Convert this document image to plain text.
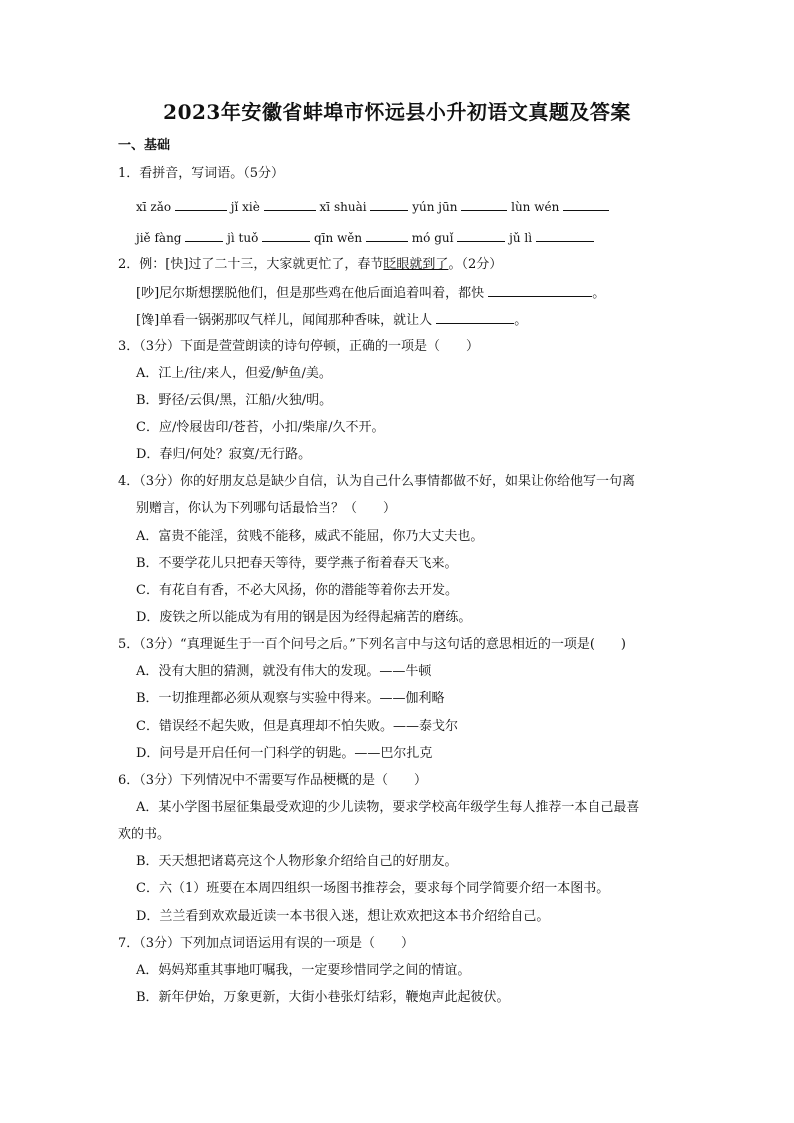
2023年安徽省蚌埠市怀远县小升初语文真题及答案
一、基础
1．看拼音，写词语。（5分）
xī zǎo	jǐ xiè	xī shuài	yún jūn	lùn wén
jiě fàng	jì tuǒ	qīn wěn	mó guǐ	jǔ lì
2．例：[快]过了二十三，大家就更忙了，春节眨眼就到了。（2分）
[吵]尼尔斯想摆脱他们，但是那些鸡在他后面追着叫着，都快	。
[馋]单看一锅粥那叹气样儿，闻闻那种香味，就让人	。
3．（3分）下面是萱萱朗读的诗句停顿，正确的一项是（　　）
A．江上/往/来人，但爱/鲈鱼/美。
B．野径/云俱/黑，江船/火独/明。
C．应/怜屐齿印/苍苔，小扣/柴扉/久不开。
D．春归/何处？寂寞/无行路。
4．（3分）你的好朋友总是缺少自信，认为自己什么事情都做不好，如果让你给他写一句离
别赠言，你认为下列哪句话最恰当？（　　）
A．富贵不能淫，贫贱不能移，威武不能屈，你乃大丈夫也。
B．不要学花儿只把春天等待，要学燕子衔着春天飞来。
C．有花自有香，不必大风扬，你的潜能等着你去开发。
D．废铁之所以能成为有用的钢是因为经得起痛苦的磨练。
5．（3分）“真理诞生于一百个问号之后。”下列名言中与这句话的意思相近的一项是(　　)
A．没有大胆的猜测，就没有伟大的发现。——牛顿
B．一切推理都必须从观察与实验中得来。——伽利略
C．错误经不起失败，但是真理却不怕失败。——泰戈尔
D．问号是开启任何一门科学的钥匙。——巴尔扎克
6．（3分）下列情况中不需要写作品梗概的是（　　）
A．某小学图书屋征集最受欢迎的少儿读物，要求学校高年级学生每人推荐一本自己最喜
欢的书。
B．天天想把诸葛亮这个人物形象介绍给自己的好朋友。
C．六（1）班要在本周四组织一场图书推荐会，要求每个同学简要介绍一本图书。
D．兰兰看到欢欢最近读一本书很入迷，想让欢欢把这本书介绍给自己。
7．（3分）下列加点词语运用有误的一项是（　　）
A．妈妈郑重其事地叮嘱我，一定要珍惜同学之间的情谊。
B．新年伊始，万象更新，大街小巷张灯结彩，鞭炮声此起彼伏。
